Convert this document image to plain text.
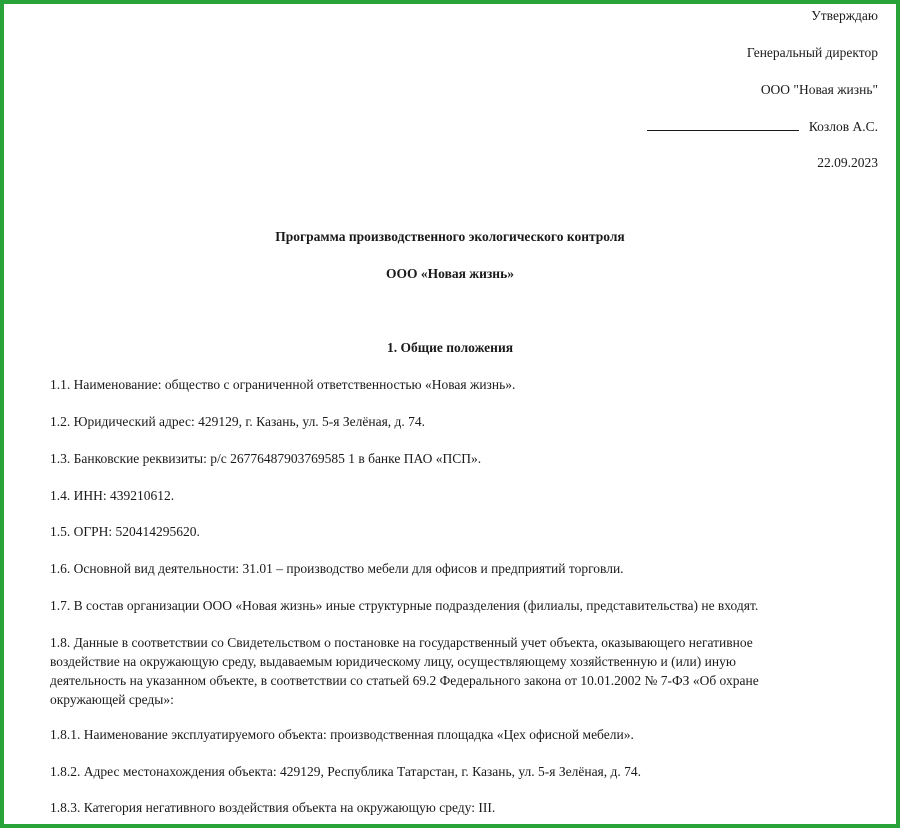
Утверждаю
Генеральный директор
ООО "Новая жизнь"
Козлов А.С.
22.09.2023
Программа производственного экологического контроля
ООО «Новая жизнь»
1. Общие положения
1.1. Наименование: общество с ограниченной ответственностью «Новая жизнь».
1.2. Юридический адрес: 429129, г. Казань, ул. 5-я Зелёная, д. 74.
1.3. Банковские реквизиты: р/с 26776487903769585 1 в банке ПАО «ПСП».
1.4. ИНН: 439210612.
1.5. ОГРН: 520414295620.
1.6. Основной вид деятельности: 31.01 – производство мебели для офисов и предприятий торговли.
1.7. В состав организации ООО «Новая жизнь» иные структурные подразделения (филиалы, представительства) не входят.
1.8. Данные в соответствии со Свидетельством о постановке на государственный учет объекта, оказывающего негативное
воздействие на окружающую среду, выдаваемым юридическому лицу, осуществляющему хозяйственную и (или) иную
деятельность на указанном объекте, в соответствии со статьей 69.2 Федерального закона от 10.01.2002 № 7-ФЗ «Об охране
окружающей среды»:
1.8.1. Наименование эксплуатируемого объекта: производственная площадка «Цех офисной мебели».
1.8.2. Адрес местонахождения объекта: 429129, Республика Татарстан, г. Казань, ул. 5-я Зелёная, д. 74.
1.8.3. Категория негативного воздействия объекта на окружающую среду: III.
